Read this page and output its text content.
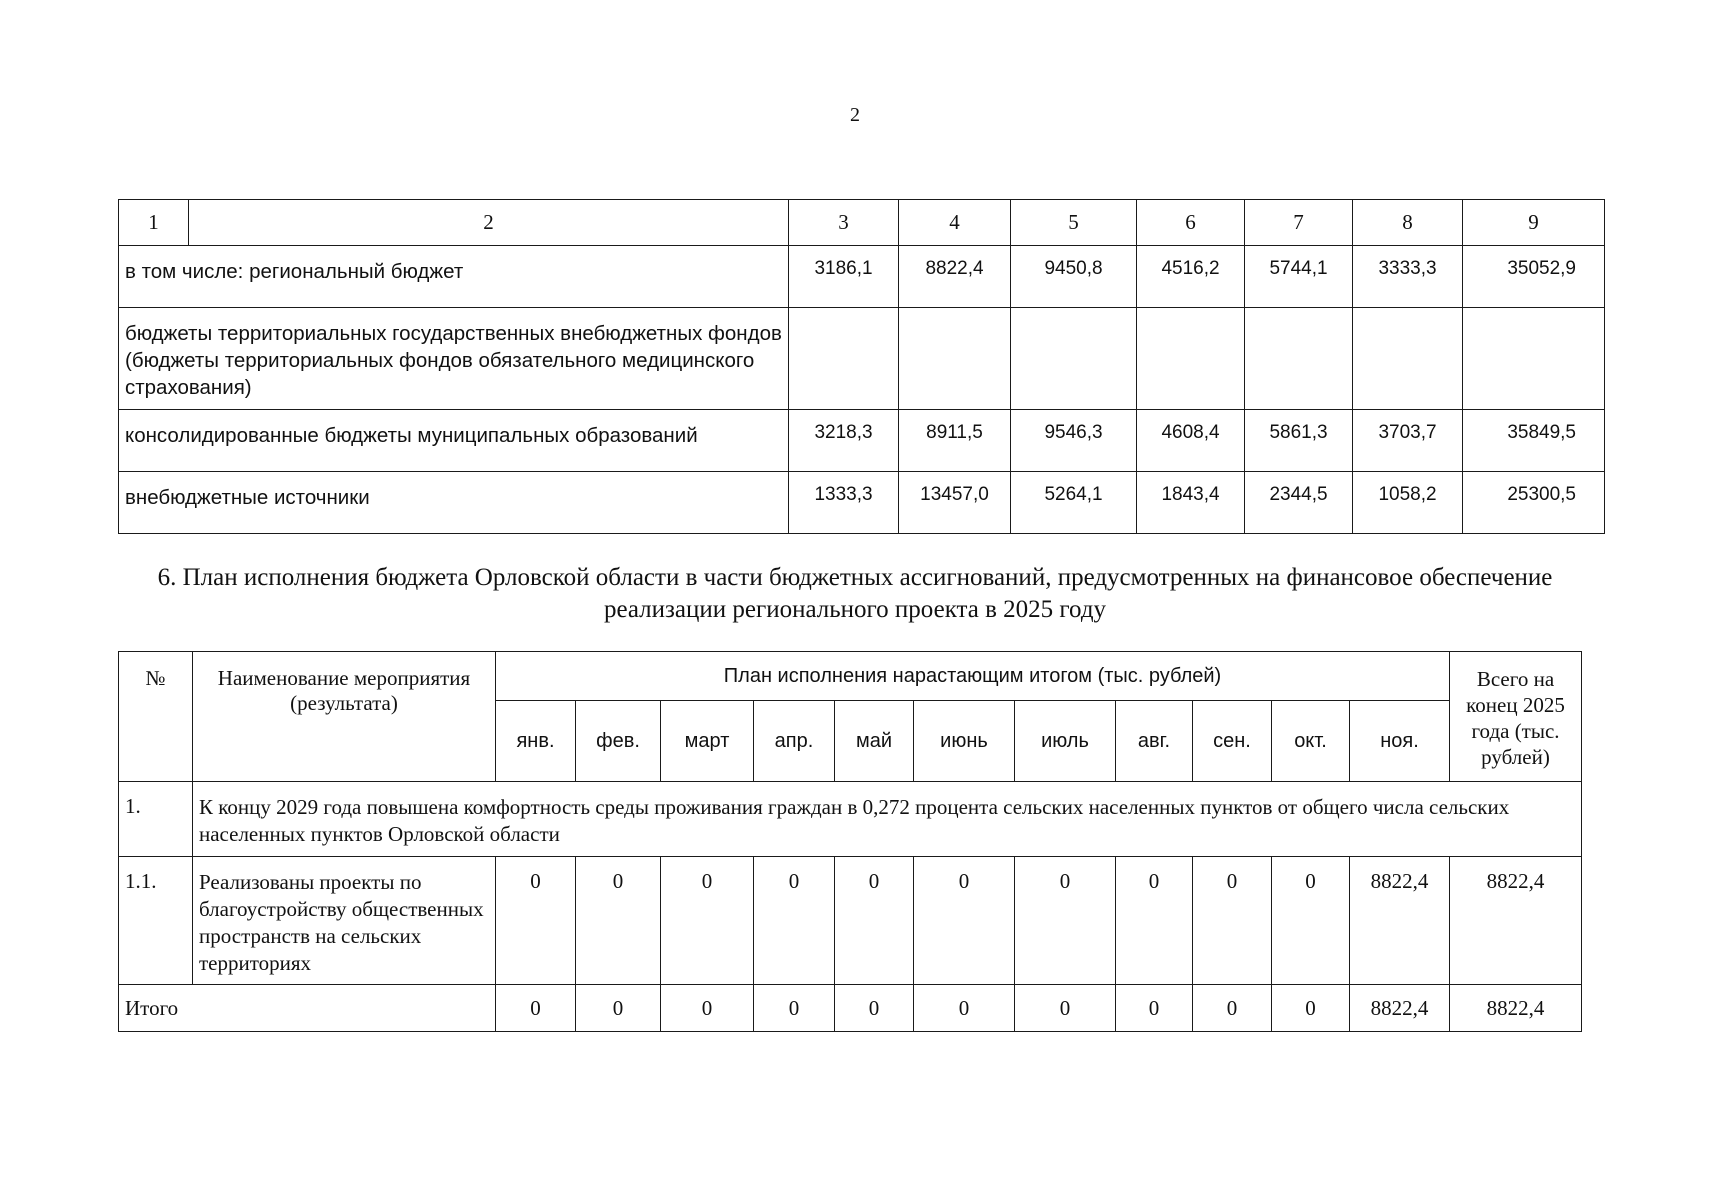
2
1	2	3	4	5	6	7	8	9
в том числе: региональный бюджет		3186,1	8822,4	9450,8	4516,2	5744,1	3333,3	35052,9
бюджеты территориальных государственных внебюджетных фондов (бюджеты территориальных фондов обязательного медицинского страхования)								
консолидированные бюджеты муниципальных образований		3218,3	8911,5	9546,3	4608,4	5861,3	3703,7	35849,5
внебюджетные источники		1333,3	13457,0	5264,1	1843,4	2344,5	1058,2	25300,5
6. План исполнения бюджета Орловской области в части бюджетных ассигнований, предусмотренных на финансовое обеспечение реализации регионального проекта в 2025 году
№	Наименование мероприятия (результата)	План исполнения нарастающим итогом (тыс. рублей)											Всего на конец 2025 года (тыс. рублей)
		янв.	фев.	март	апр.	май	июнь	июль	авг.	сен.	окт.	ноя.	
1.	К концу 2029 года повышена комфортность среды проживания граждан в 0,272 процента сельских населенных пунктов от общего числа сельских населенных пунктов Орловской области												
1.1.	Реализованы проекты по благоустройству общественных пространств на сельских территориях	0	0	0	0	0	0	0	0	0	0	8822,4	8822,4
Итого		0	0	0	0	0	0	0	0	0	0	8822,4	8822,4
